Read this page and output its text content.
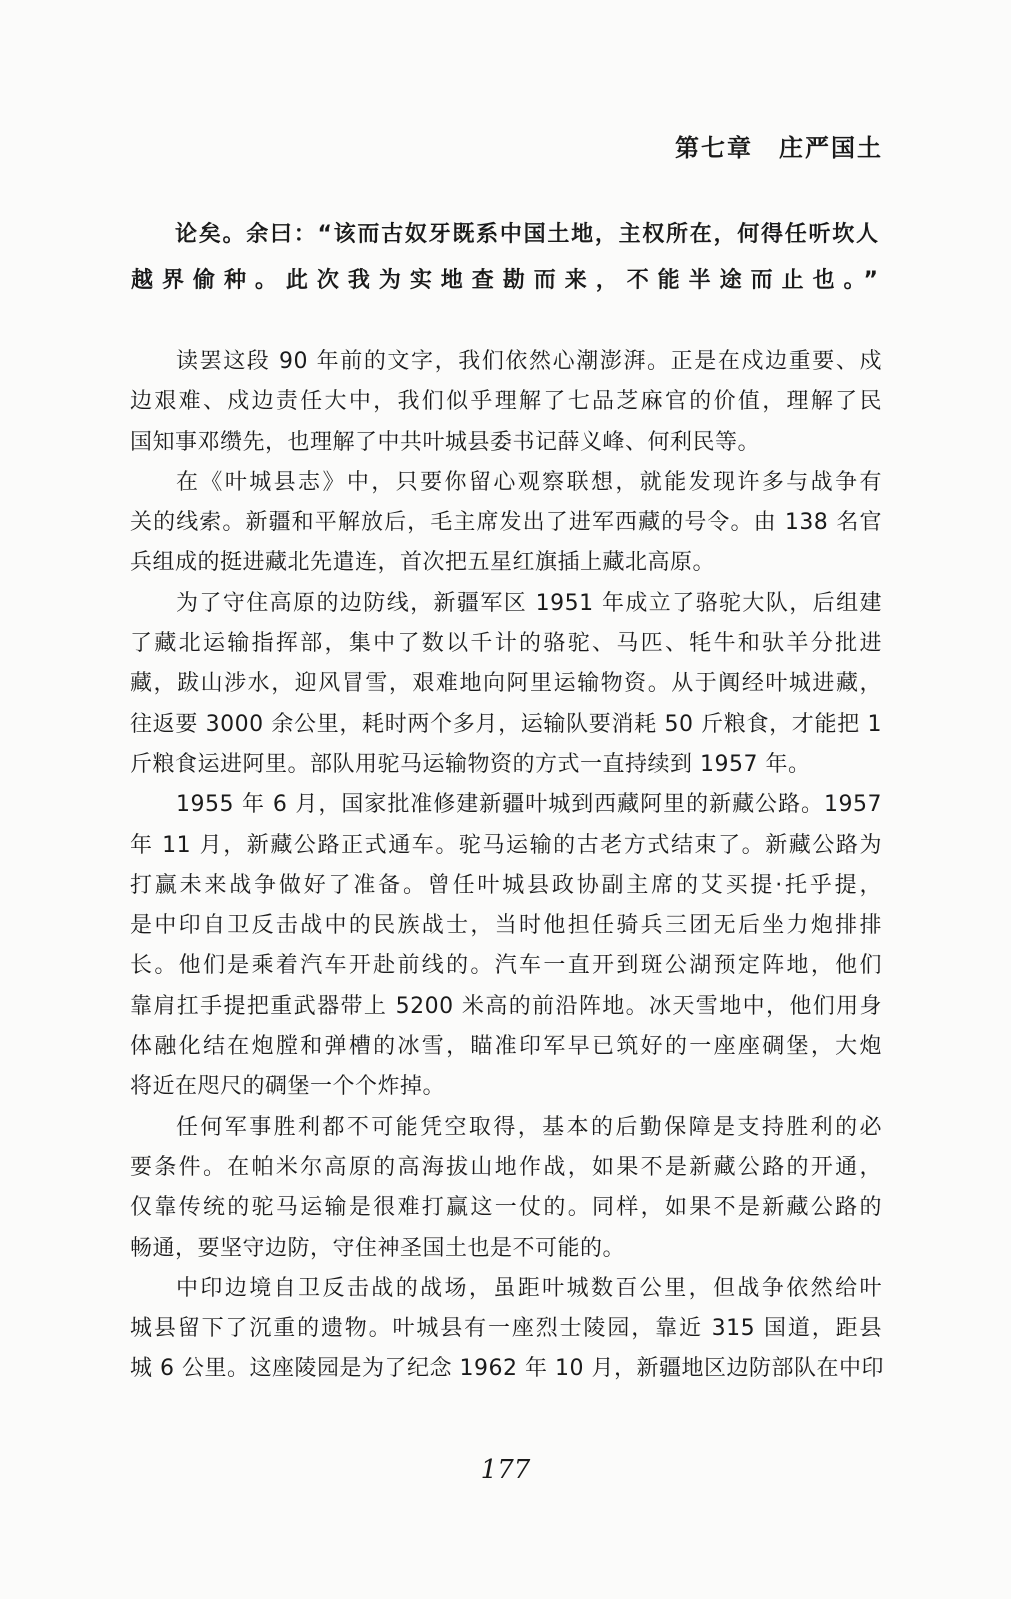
第七章 庄严国土
论矣。余曰：“该而古奴牙既系中国土地，主权所在，何得任听坎人
越界偷种。此次我为实地查勘而来，不能半途而止也。”
读罢这段 90 年前的文字，我们依然心潮澎湃。正是在戍边重要、戍
边艰难、戍边责任大中，我们似乎理解了七品芝麻官的价值，理解了民
国知事邓缵先，也理解了中共叶城县委书记薛义峰、何利民等。
在《叶城县志》中，只要你留心观察联想，就能发现许多与战争有
关的线索。新疆和平解放后，毛主席发出了进军西藏的号令。由 138 名官
兵组成的挺进藏北先遣连，首次把五星红旗插上藏北高原。
为了守住高原的边防线，新疆军区 1951 年成立了骆驼大队，后组建
了藏北运输指挥部，集中了数以千计的骆驼、马匹、牦牛和驮羊分批进
藏，跋山涉水，迎风冒雪，艰难地向阿里运输物资。从于阗经叶城进藏，
往返要 3000 余公里，耗时两个多月，运输队要消耗 50 斤粮食，才能把 1
斤粮食运进阿里。部队用驼马运输物资的方式一直持续到 1957 年。
1955 年 6 月，国家批准修建新疆叶城到西藏阿里的新藏公路。1957
年 11 月，新藏公路正式通车。驼马运输的古老方式结束了。新藏公路为
打赢未来战争做好了准备。曾任叶城县政协副主席的艾买提·托乎提，
是中印自卫反击战中的民族战士，当时他担任骑兵三团无后坐力炮排排
长。他们是乘着汽车开赴前线的。汽车一直开到斑公湖预定阵地，他们
靠肩扛手提把重武器带上 5200 米高的前沿阵地。冰天雪地中，他们用身
体融化结在炮膛和弹槽的冰雪，瞄准印军早已筑好的一座座碉堡，大炮
将近在咫尺的碉堡一个个炸掉。
任何军事胜利都不可能凭空取得，基本的后勤保障是支持胜利的必
要条件。在帕米尔高原的高海拔山地作战，如果不是新藏公路的开通，
仅靠传统的驼马运输是很难打赢这一仗的。同样，如果不是新藏公路的
畅通，要坚守边防，守住神圣国土也是不可能的。
中印边境自卫反击战的战场，虽距叶城数百公里，但战争依然给叶
城县留下了沉重的遗物。叶城县有一座烈士陵园，靠近 315 国道，距县
城 6 公里。这座陵园是为了纪念 1962 年 10 月，新疆地区边防部队在中印
177
